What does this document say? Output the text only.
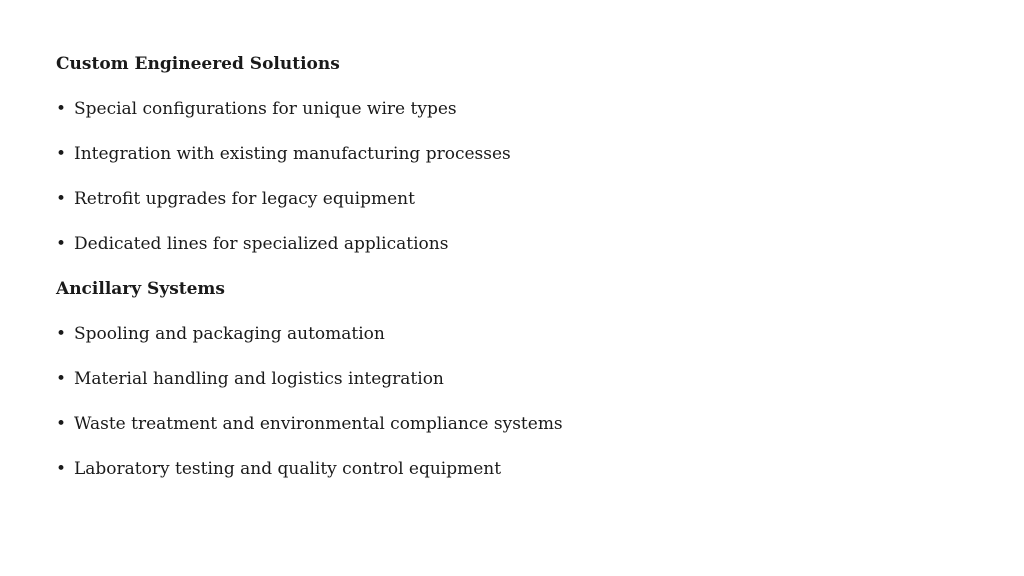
Custom Engineered Solutions
• Special configurations for unique wire types
• Integration with existing manufacturing processes
• Retrofit upgrades for legacy equipment
• Dedicated lines for specialized applications
Ancillary Systems
• Spooling and packaging automation
• Material handling and logistics integration
• Waste treatment and environmental compliance systems
• Laboratory testing and quality control equipment
